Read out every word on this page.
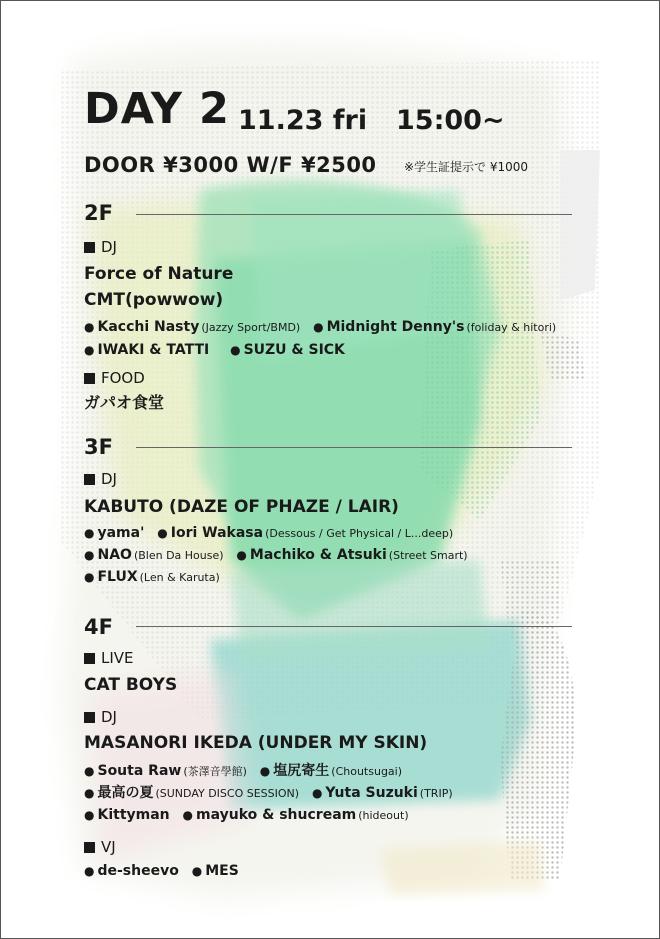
DAY 2 11.23 fri 15:00~
DOOR ¥3000 W/F ¥2500 ※学生証提示で ¥1000
2F
DJ
Force of Nature
CMT(powwow)
● Kacchi Nasty (Jazzy Sport/BMD) ● Midnight Denny's (foliday & hitori)
● IWAKI & TATTI ● SUZU & SICK
FOOD
ガパオ食堂
3F
DJ
KABUTO (DAZE OF PHAZE / LAIR)
● yama' ● Iori Wakasa (Dessous / Get Physical / L...deep)
● NAO (Blen Da House) ● Machiko & Atsuki (Street Smart)
● FLUX (Len & Karuta)
4F
LIVE
CAT BOYS
DJ
MASANORI IKEDA (UNDER MY SKIN)
● Souta Raw (茶澤音學館) ● 塩尻寄生 (Choutsugai)
● 最高の夏 (SUNDAY DISCO SESSION) ● Yuta Suzuki (TRIP)
● Kittyman ● mayuko & shucream (hideout)
VJ
● de-sheevo ● MES
